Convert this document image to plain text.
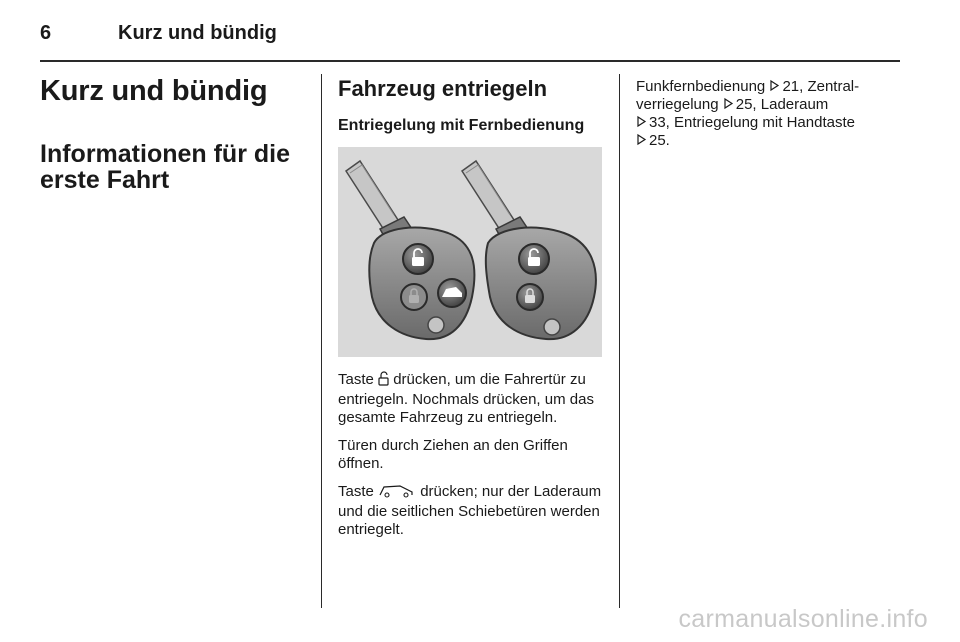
6	Kurz und bündig
Kurz und bündig
Informationen für die erste Fahrt
Fahrzeug entriegeln
Entriegelung mit Fernbedienung

Taste drücken, um die Fahrertür zu entriegeln. Nochmals drücken, um das gesamte Fahrzeug zu entriegeln.

Türen durch Ziehen an den Griffen öffnen.

Taste	drücken; nur der Laderaum und die seitlichen Schiebetüren werden entriegelt.

Funkfernbedienung 21, Zentral-
verriegelung 25, Laderaum
33, Entriegelung mit Handtaste
25.
carmanualsonline.info
